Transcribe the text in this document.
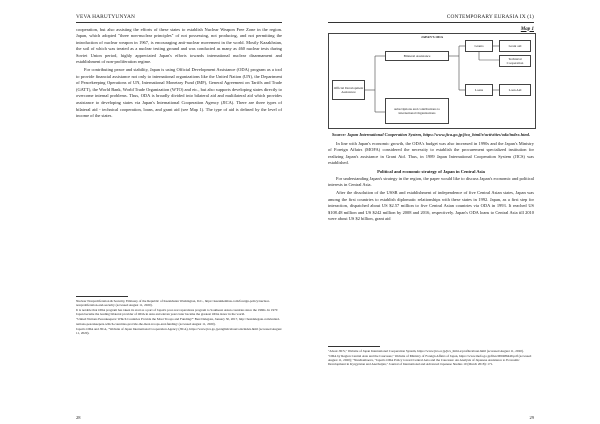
VEVA HARUTYUNYAN

cooperation, but also assisting the efforts of these states to establish Nuclear Weapon Free Zone in the region. Japan, which adopted "three non-nuclear principles" of not possessing, not producing, and not permitting the introduction of nuclear weapon in 1967, is encouraging anti-nuclear movement in the world. Mostly Kazakhstan, the soil of which was treated as a nuclear testing ground and was conducted as many as 460 nuclear tests during Soviet Union period, highly appreciated Japan's efforts towards international nuclear disarmament and establishment of non-proliferation regime.

For contributing peace and stability, Japan is using Official Development Assistance (ODA) program as a tool to provide financial assistance not only to international organizations like the United Nation (UN), the Department of Peacekeeping Operations of UN, International Monetary Fund (IMF), General Agreement on Tariffs and Trade (GATT), the World Bank, World Trade Organization (WTO) and etc., but also supports developing states directly to overcome internal problems. Thus, ODA is broadly divided into bilateral aid and multilateral aid which provides assistance to developing states via Japan's International Cooperation Agency (JICA). There are three types of bilateral aid - technical cooperation, loans, and grant aid (see Map 1). The type of aid is defined by the level of income of the states.

Nuclear Nonproliferation & Security, Embassy of the Republic of Kazakhstan Washington, D.C., https://kazakhembus.com/foreign-policy/nuclear-nonproliferation-and-security (accessed August 11, 2020).
It is notable that ODA program has taken its start as a part of Japan's post-war reparations program to Southeast Asian countries since the 1960s. In 1970 Japan became the leading bilateral provider of ODA in Asia and eleven years later became the greatest ODA donor in the world.
"United Nations Peacekeepers: Which Countries Provide the Most Troops and Funding?" Best Delegate, January 30, 2017, http://bestdelegate.com/united-nations-peacekeepers-which-countries-provide-the-most-troops-and-funding/ (accessed August 11, 2020).
Japan's ODA and JICA, "Website of Japan International Cooperation Agency (JICA), https://www.jica.go.jp/english/about/oda/index.html (accessed August 11, 2020).
28
CONTEMPORARY EURASIA IX (1)
Map 1
JAPAN'S ODA
Official Development Assistance
Bilateral Assistance
subscriptions and contributions to international Organizations
Grants	Grant aid
Technical Cooperation
Loans	Loan Aid
Source: Japan International Cooperation System, https://www.jica.go.jp/jica_html/e/activities/oda/index.html.

In line with Japan's economic growth, the ODA's budget was also increased in 1990s and the Japan's Ministry of Foreign Affairs (MOFA) considered the necessity to establish the procurement specialized institution for realizing Japan's assistance in Grant Aid. Thus, in 1989 Japan International Cooperation System (JICS) was established.

Political and economic strategy of Japan in Central Asia

For understanding Japan's strategy in the region, the paper would like to discuss Japan's economic and political interests in Central Asia.

After the dissolution of the USSR and establishment of independence of five Central Asian states, Japan was among the first countries to establish diplomatic relationships with these states in 1992. Japan, as a first step for interaction, dispatched about US $2.57 million to five Central Asian countries via ODA in 1993. It reached US $108.48 million and US $242 million by 2008 and 2016, respectively. Japan's ODA loans to Central Asia till 2010 were about US $2 billion, grant aid

"About JICS," Website of Japan International Cooperation System, https://www.jics.or.jp/jics_html-e/profile/about.html (accessed August 11, 2020).
"ODA by Region Central Asia and the Caucasus," Website of Ministry of Foreign Affairs of Japan, https://www.mofa.go.jp/files/000486449.pdf (accessed August 11, 2020); "Nurzhanbaeva, "Japan's ODA Policy toward Central Asia and the Caucasus: An Analysis of Japanese Assistance to Economic Development in Kyrgyzstan and Azerbaijan," Journal of International and Advanced Japanese Studies 10 (March 2018): 171.
29
